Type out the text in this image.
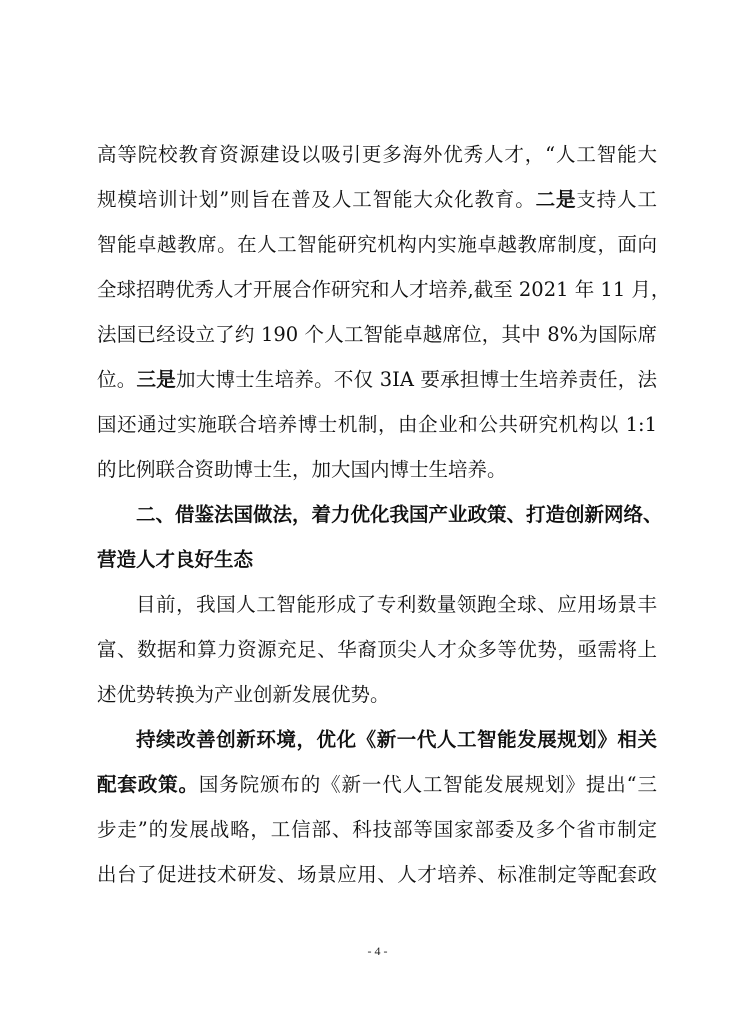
高等院校教育资源建设以吸引更多海外优秀人才，“人工智能大
规模培训计划”则旨在普及人工智能大众化教育。二是支持人工
智能卓越教席。在人工智能研究机构内实施卓越教席制度，面向
全球招聘优秀人才开展合作研究和人才培养,截至 2021 年 11 月，
法国已经设立了约 190 个人工智能卓越席位，其中 8%为国际席
位。三是加大博士生培养。不仅 3IA 要承担博士生培养责任，法
国还通过实施联合培养博士机制，由企业和公共研究机构以 1:1
的比例联合资助博士生，加大国内博士生培养。
二、借鉴法国做法，着力优化我国产业政策、打造创新网络、
营造人才良好生态
目前，我国人工智能形成了专利数量领跑全球、应用场景丰
富、数据和算力资源充足、华裔顶尖人才众多等优势，亟需将上
述优势转换为产业创新发展优势。
持续改善创新环境，优化《新一代人工智能发展规划》相关
配套政策。国务院颁布的《新一代人工智能发展规划》提出“三
步走”的发展战略，工信部、科技部等国家部委及多个省市制定
出台了促进技术研发、场景应用、人才培养、标准制定等配套政
- 4 -
